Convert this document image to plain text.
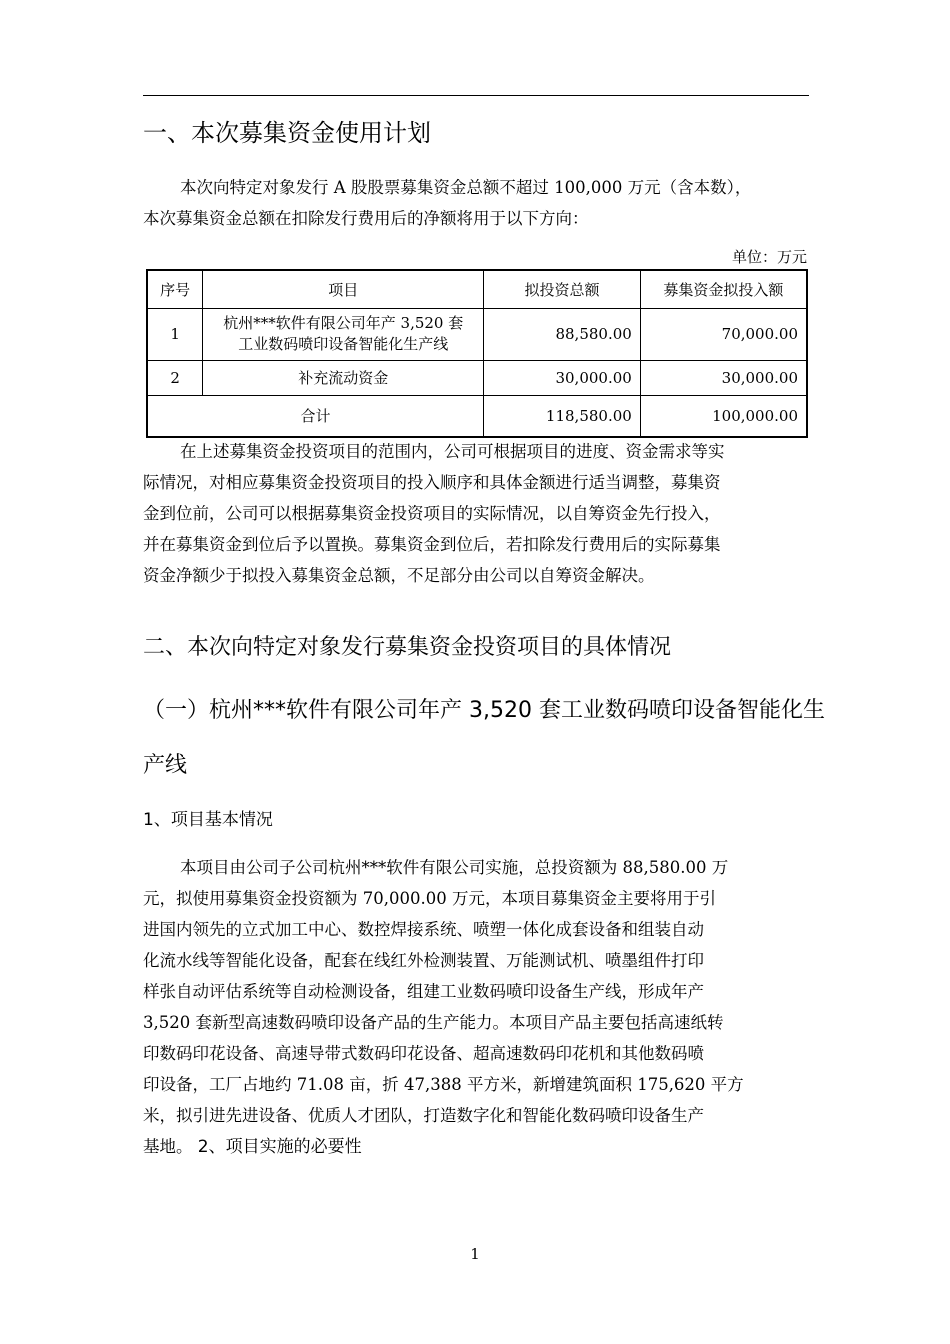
一、本次募集资金使用计划
本次向特定对象发行 A 股股票募集资金总额不超过 100,000 万元（含本数），
本次募集资金总额在扣除发行费用后的净额将用于以下方向：
单位：万元
序号	项目	拟投资总额	募集资金拟投入额
1	杭州***软件有限公司年产 3,520 套
工业数码喷印设备智能化生产线	88,580.00	70,000.00
2	补充流动资金	30,000.00	30,000.00
合计		118,580.00	100,000.00
在上述募集资金投资项目的范围内，公司可根据项目的进度、资金需求等实
际情况，对相应募集资金投资项目的投入顺序和具体金额进行适当调整，募集资
金到位前，公司可以根据募集资金投资项目的实际情况，以自筹资金先行投入，
并在募集资金到位后予以置换。募集资金到位后，若扣除发行费用后的实际募集
资金净额少于拟投入募集资金总额，不足部分由公司以自筹资金解决。
二、本次向特定对象发行募集资金投资项目的具体情况
（一）杭州***软件有限公司年产 3,520 套工业数码喷印设备智能化生
产线
1、项目基本情况
本项目由公司子公司杭州***软件有限公司实施，总投资额为 88,580.00 万
元，拟使用募集资金投资额为 70,000.00 万元，本项目募集资金主要将用于引
进国内领先的立式加工中心、数控焊接系统、喷塑一体化成套设备和组装自动
化流水线等智能化设备，配套在线红外检测装置、万能测试机、喷墨组件打印
样张自动评估系统等自动检测设备，组建工业数码喷印设备生产线，形成年产
3,520 套新型高速数码喷印设备产品的生产能力。本项目产品主要包括高速纸转
印数码印花设备、高速导带式数码印花设备、超高速数码印花机和其他数码喷
印设备，工厂占地约 71.08 亩，折 47,388 平方米，新增建筑面积 175,620 平方
米，拟引进先进设备、优质人才团队，打造数字化和智能化数码喷印设备生产
基地。 2、项目实施的必要性
1
